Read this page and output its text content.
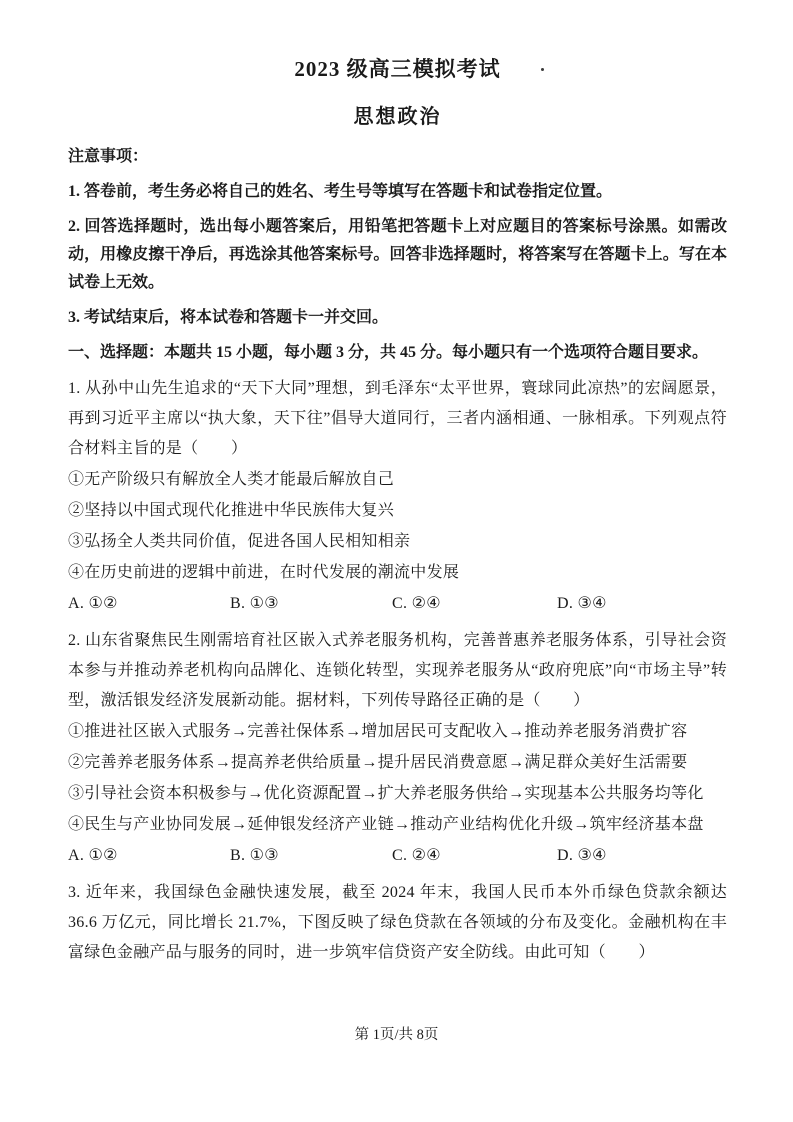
2023 级高三模拟考试
思想政治
注意事项：
1. 答卷前，考生务必将自己的姓名、考生号等填写在答题卡和试卷指定位置。
2. 回答选择题时，选出每小题答案后，用铅笔把答题卡上对应题目的答案标号涂黑。如需改动，用橡皮擦干净后，再选涂其他答案标号。回答非选择题时，将答案写在答题卡上。写在本试卷上无效。
3. 考试结束后，将本试卷和答题卡一并交回。
一、选择题：本题共 15 小题，每小题 3 分，共 45 分。每小题只有一个选项符合题目要求。
1. 从孙中山先生追求的“天下大同”理想，到毛泽东“太平世界，寰球同此凉热”的宏阔愿景，再到习近平主席以“执大象，天下往”倡导大道同行，三者内涵相通、一脉相承。下列观点符合材料主旨的是（　　）
①无产阶级只有解放全人类才能最后解放自己
②坚持以中国式现代化推进中华民族伟大复兴
③弘扬全人类共同价值，促进各国人民相知相亲
④在历史前进的逻辑中前进，在时代发展的潮流中发展
A. ①②	B. ①③	C. ②④	D. ③④
2. 山东省聚焦民生刚需培育社区嵌入式养老服务机构，完善普惠养老服务体系，引导社会资本参与并推动养老机构向品牌化、连锁化转型，实现养老服务从“政府兜底”向“市场主导”转型，激活银发经济发展新动能。据材料，下列传导路径正确的是（　　）
①推进社区嵌入式服务→完善社保体系→增加居民可支配收入→推动养老服务消费扩容
②完善养老服务体系→提高养老供给质量→提升居民消费意愿→满足群众美好生活需要
③引导社会资本积极参与→优化资源配置→扩大养老服务供给→实现基本公共服务均等化
④民生与产业协同发展→延伸银发经济产业链→推动产业结构优化升级→筑牢经济基本盘
A. ①②	B. ①③	C. ②④	D. ③④
3. 近年来，我国绿色金融快速发展，截至 2024 年末，我国人民币本外币绿色贷款余额达 36.6 万亿元，同比增长 21.7%，下图反映了绿色贷款在各领域的分布及变化。金融机构在丰富绿色金融产品与服务的同时，进一步筑牢信贷资产安全防线。由此可知（　　）
第 1页/共 8页
